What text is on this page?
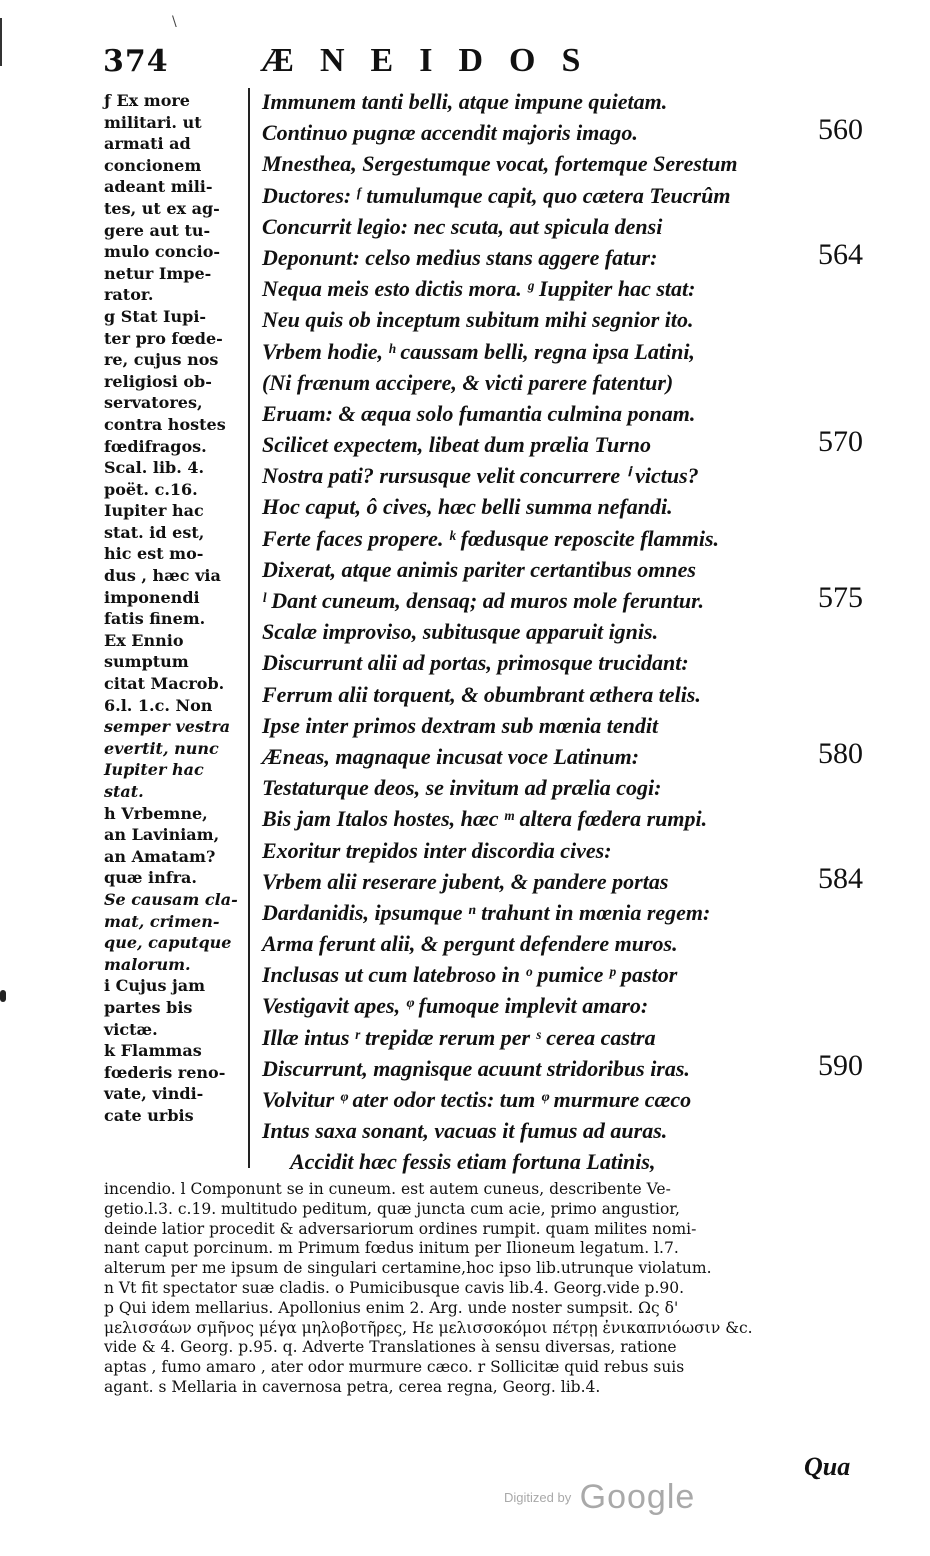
\
374	ÆNEIDOS
ƒ Ex more
militari. ut
armati ad
concionem
adeant mili-
tes, ut ex ag-
gere aut tu-
mulo concio-
netur Impe-
rator.
g Stat Iupi-
ter pro fœde-
re, cujus nos
religiosi ob-
servatores,
contra hostes
fœdifragos.
Scal. lib. 4.
poët. c.16.
Iupiter hac
stat. id est,
hic est mo-
dus , hæc via
imponendi
fatis finem.
Ex Ennio
sumptum
citat Macrob.
6.l. 1.c. Non
semper vestra
evertit, nunc
Iupiter hac
stat.
h Vrbemne,
an Laviniam,
an Amatam?
quæ infra.
Se causam cla-
mat, crimen-
que, caputque
malorum.
i Cujus jam
partes bis
victæ.
k Flammas
fœderis reno-
vate, vindi-
cate urbis
Immunem tanti belli, atque impune quietam.
Continuo pugnæ accendit majoris imago.
Mnesthea, Sergestumque vocat, fortemque Serestum
Ductores: ᶠ tumulumque capit, quo cætera Teucrûm
Concurrit legio: nec scuta, aut spicula densi
Deponunt: celso medius stans aggere fatur:
Nequa meis esto dictis mora. ᵍ Iuppiter hac stat:
Neu quis ob inceptum subitum mihi segnior ito.
Vrbem hodie, ʰ caussam belli, regna ipsa Latini,
(Ni frænum accipere, & victi parere fatentur)
Eruam: & æqua solo fumantia culmina ponam.
Scilicet expectem, libeat dum prælia Turno
Nostra pati? rursusque velit concurrere ⁱ victus?
Hoc caput, ô cives, hæc belli summa nefandi.
Ferte faces propere. ᵏ fœdusque reposcite flammis.
Dixerat, atque animis pariter certantibus omnes
ˡ Dant cuneum, densaq; ad muros mole feruntur.
Scalæ improviso, subitusque apparuit ignis.
Discurrunt alii ad portas, primosque trucidant:
Ferrum alii torquent, & obumbrant æthera telis.
Ipse inter primos dextram sub mœnia tendit
Æneas, magnaque incusat voce Latinum:
Testaturque deos, se invitum ad prælia cogi:
Bis jam Italos hostes, hæc ᵐ altera fœdera rumpi.
Exoritur trepidos inter discordia cives:
Vrbem alii reserare jubent, & pandere portas
Dardanidis, ipsumque ⁿ trahunt in mœnia regem:
Arma ferunt alii, & pergunt defendere muros.
Inclusas ut cum latebroso in ᵒ pumice ᵖ pastor
Vestigavit apes, ᵠ fumoque implevit amaro:
Illæ intus ʳ trepidæ rerum per ˢ cerea castra
Discurrunt, magnisque acuunt stridoribus iras.
Volvitur ᵠ ater odor tectis: tum ᵠ murmure cæco
Intus saxa sonant, vacuas it fumus ad auras.
Accidit hæc fessis etiam fortuna Latinis,
560
564
570
575
580
584
590
incendio. l Componunt se in cuneum. est autem cuneus, describente Ve-
getio.l.3. c.19. multitudo peditum, quæ juncta cum acie, primo angustior,
deinde latior procedit & adversariorum ordines rumpit. quam milites nomi-
nant caput porcinum. m Primum fœdus initum per Ilioneum legatum. l.7.
alterum per me ipsum de singulari certamine,hoc ipso lib.utrunque violatum.
n Vt fit spectator suæ cladis. o Pumicibusque cavis lib.4. Georg.vide p.90.
p Qui idem mellarius. Apollonius enim 2. Arg. unde noster sumpsit. Ως δ'
μελισσάων σμῆνος μέγα μηλοβοτῆρες, Ηε μελισσοκόμοι πέτρῃ ἐνικαπνιόωσιν &c.
vide & 4. Georg. p.95. q. Adverte Translationes à sensu diversas, ratione
aptas , fumo amaro , ater odor murmure cæco. r Sollicitæ quid rebus suis
agant. s Mellaria in cavernosa petra, cerea regna, Georg. lib.4.
Qua
Digitized by Google
